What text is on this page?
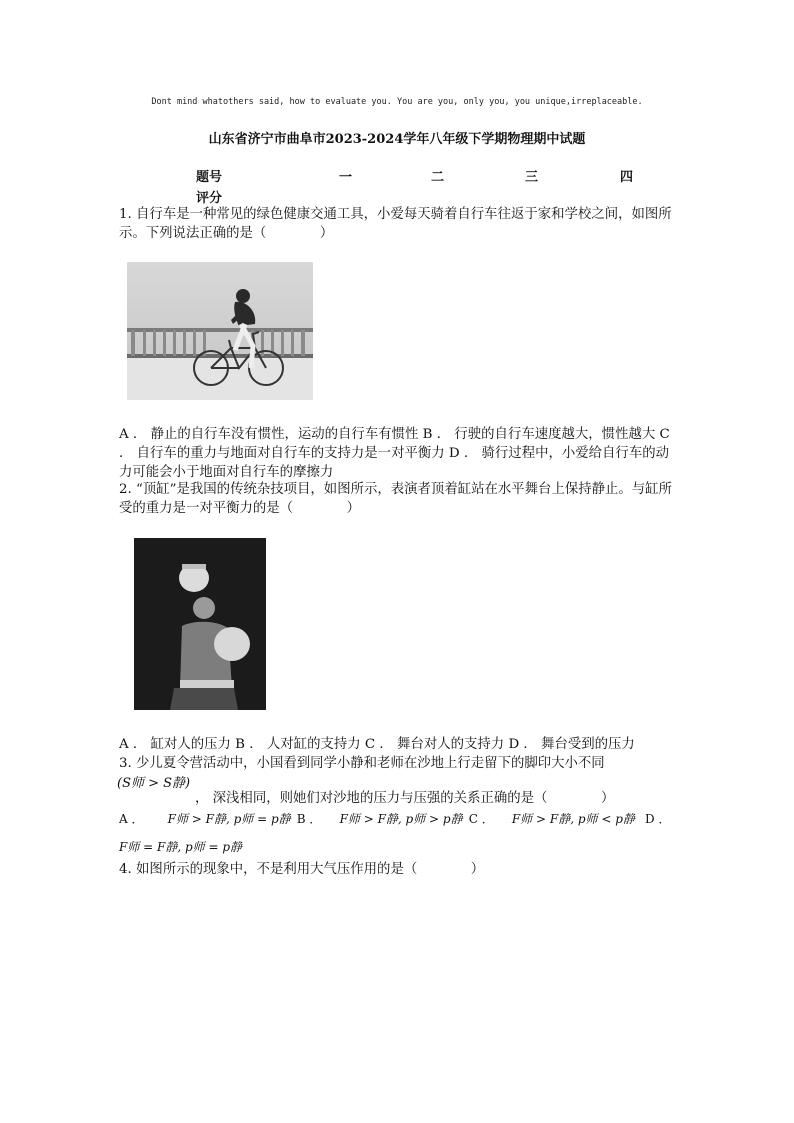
Dont mind whatothers said, how to evaluate you. You are you, only you, you unique,irreplaceable.
山东省济宁市曲阜市2023-2024学年八年级下学期物理期中试题
题号	一	二	三	四
评分
1. 自行车是一种常见的绿色健康交通工具，小爱每天骑着自行车往返于家和学校之间，如图所示。下列说法正确的是（　　　　）
A ． 静止的自行车没有惯性，运动的自行车有惯性 B ． 行驶的自行车速度越大，惯性越大 C ． 自行车的重力与地面对自行车的支持力是一对平衡力 D ． 骑行过程中，小爱给自行车的动力可能会小于地面对自行车的摩擦力
2. “顶缸”是我国的传统杂技项目，如图所示，表演者顶着缸站在水平舞台上保持静止。与缸所受的重力是一对平衡力的是（　　　　）
A ． 缸对人的压力 B ． 人对缸的支持力 C ． 舞台对人的支持力 D ． 舞台受到的压力
3. 少儿夏令营活动中，小国看到同学小静和老师在沙地上行走留下的脚印大小不同
(S师 > S静)
， 深浅相同，则她们对沙地的压力与压强的关系正确的是（　　　　）
A ． F师 > F静, p师 = p静 B ． F师 > F静, p师 > p静 C ． F师 > F静, p师 < p静 D ．
F师 = F静, p师 = p静
4. 如图所示的现象中，不是利用大气压作用的是（　　　　）
